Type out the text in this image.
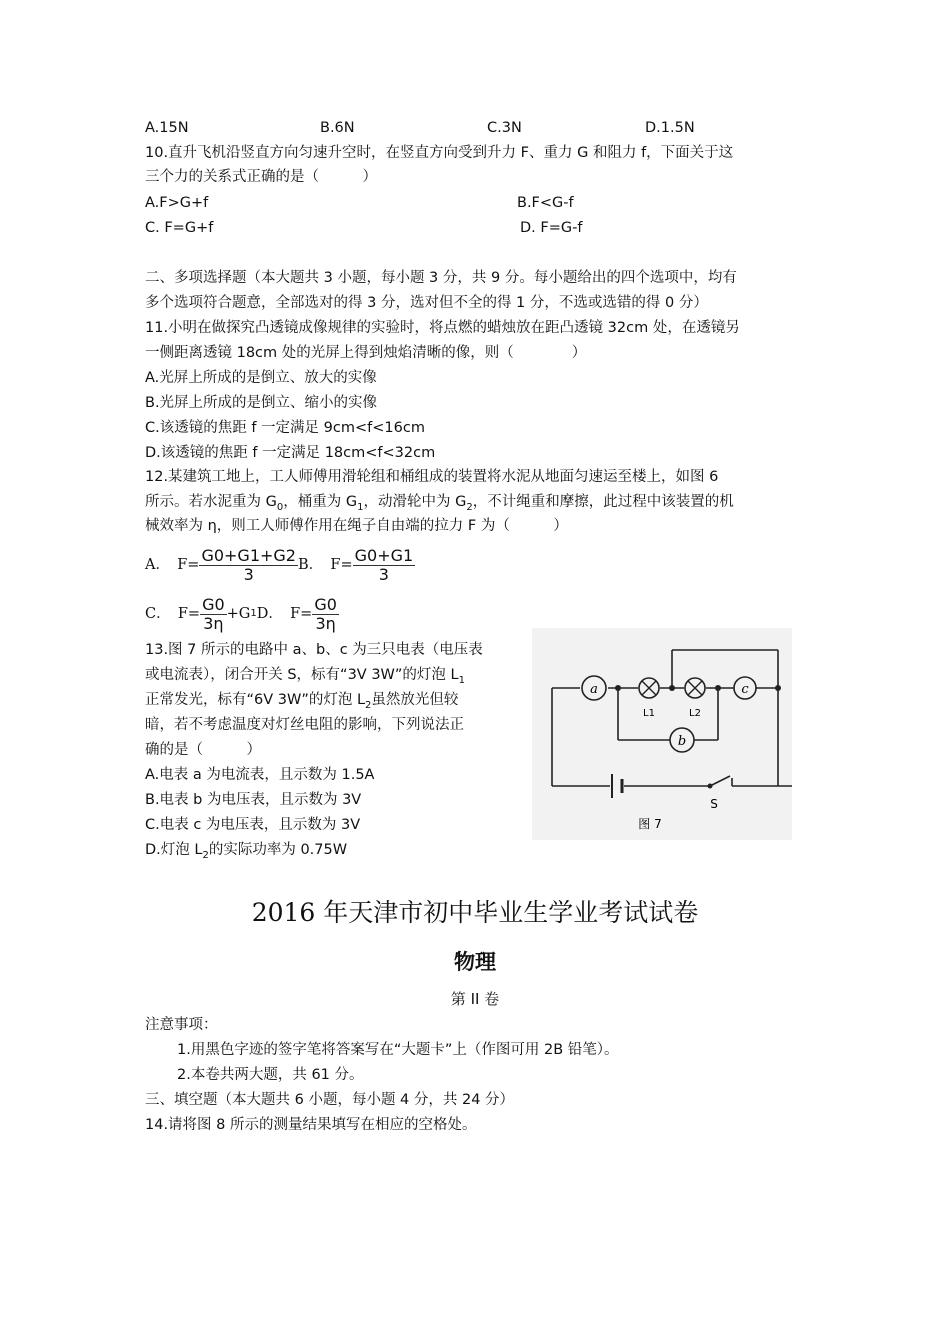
A.15N	B.6N	C.3N	D.1.5N
10.直升飞机沿竖直方向匀速升空时，在竖直方向受到升力 F、重力 G 和阻力 f，下面关于这
三个力的关系式正确的是（　　　）
A.F>G+f	B.F<G-f
C. F=G+f	D. F=G-f
二、多项选择题（本大题共 3 小题，每小题 3 分，共 9 分。每小题给出的四个选项中，均有
多个选项符合题意，全部选对的得 3 分，选对但不全的得 1 分，不选或选错的得 0 分）
11.小明在做探究凸透镜成像规律的实验时，将点燃的蜡烛放在距凸透镜 32cm 处，在透镜另
一侧距离透镜 18cm 处的光屏上得到烛焰清晰的像，则（　　　　）
A.光屏上所成的是倒立、放大的实像
B.光屏上所成的是倒立、缩小的实像
C.该透镜的焦距 f 一定满足 9cm<f<16cm
D.该透镜的焦距 f 一定满足 18cm<f<32cm
12.某建筑工地上，工人师傅用滑轮组和桶组成的装置将水泥从地面匀速运至楼上，如图 6
所示。若水泥重为 $G_0$，桶重为 $G_1$，动滑轮中为 $G_2$，不计绳重和摩擦，此过程中该装置的机
械效率为 η，则工人师傅作用在绳子自由端的拉力 F 为（　　　）
A．　$F= \frac{G0+G1+G2}{3}$ B．　$F= \frac{G0+G1}{3}$
C．　$F= \frac{G0}{3\eta} +G$ 1 D．　$F= \frac{G0}{3\eta}$
13.图 7 所示的电路中 a、b、c 为三只电表（电压表
或电流表），闭合开关 S，标有“3V 3W”的灯泡 $L_1$
正常发光，标有“6V 3W”的灯泡 $L_2$虽然放光但较
暗，若不考虑温度对灯丝电阻的影响，下列说法正
确的是（　　　）
A.电表 a 为电流表，且示数为 1.5A
B.电表 b 为电压表，且示数为 3V
C.电表 c 为电压表，且示数为 3V
D.灯泡 $L_2$的实际功率为 0.75W
a
L1	L2
c
b
S
图 7
2016 年天津市初中毕业生学业考试试卷
物理
第 II 卷
注意事项：
1.用黑色字迹的签字笔将答案写在“大题卡”上（作图可用 2B 铅笔）。
2.本卷共两大题，共 61 分。
三、填空题（本大题共 6 小题，每小题 4 分，共 24 分）
14.请将图 8 所示的测量结果填写在相应的空格处。
